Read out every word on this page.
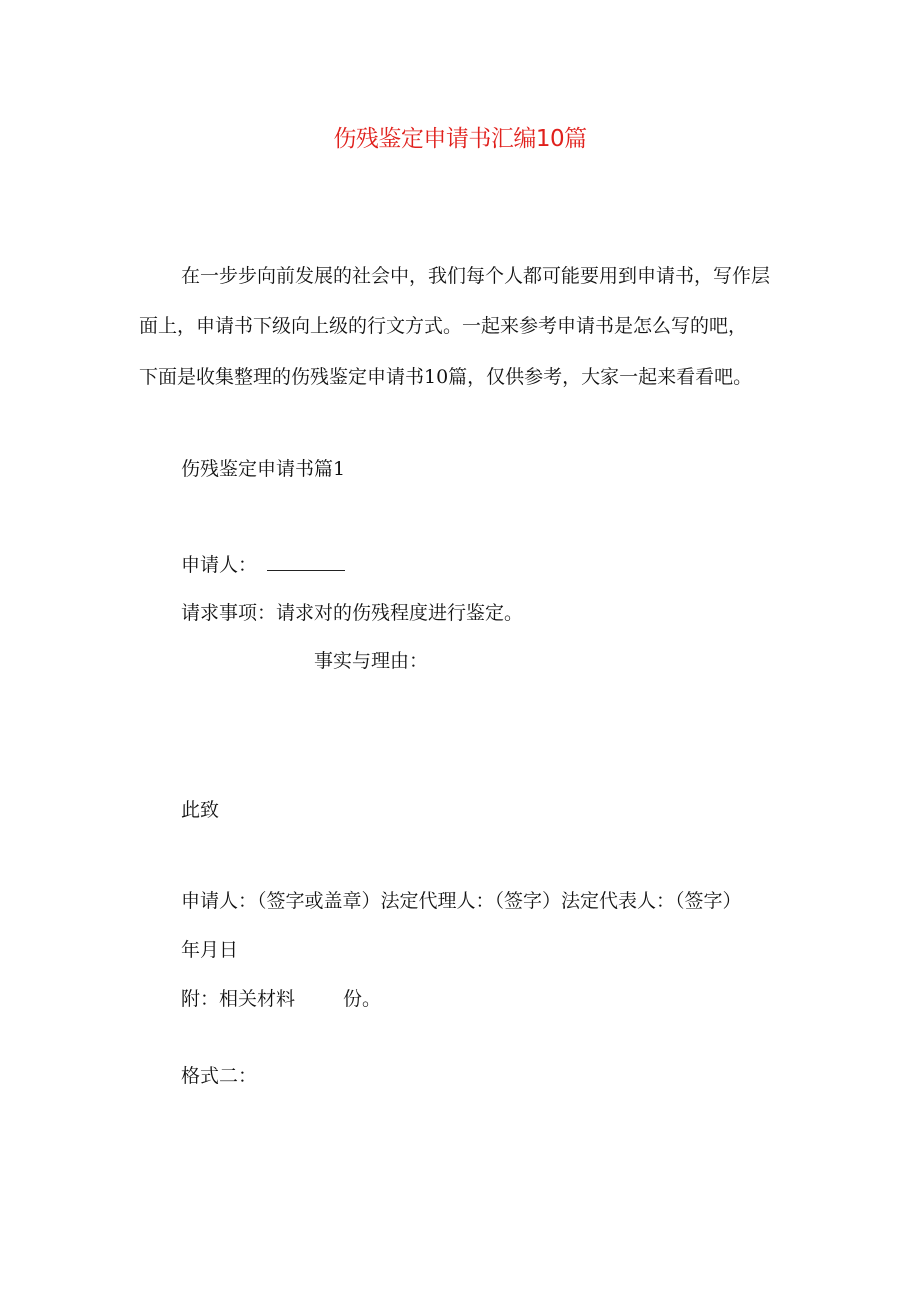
伤残鉴定申请书汇编10篇
在一步步向前发展的社会中，我们每个人都可能要用到申请书，写作层
面上，申请书下级向上级的行文方式。一起来参考申请书是怎么写的吧，
下面是收集整理的伤残鉴定申请书10篇，仅供参考，大家一起来看看吧。
伤残鉴定申请书篇1
申请人：
请求事项：请求对的伤残程度进行鉴定。
事实与理由：
此致
申请人：（签字或盖章）法定代理人：（签字）法定代表人：（签字）
年月日
附：相关材料	份。
格式二：
